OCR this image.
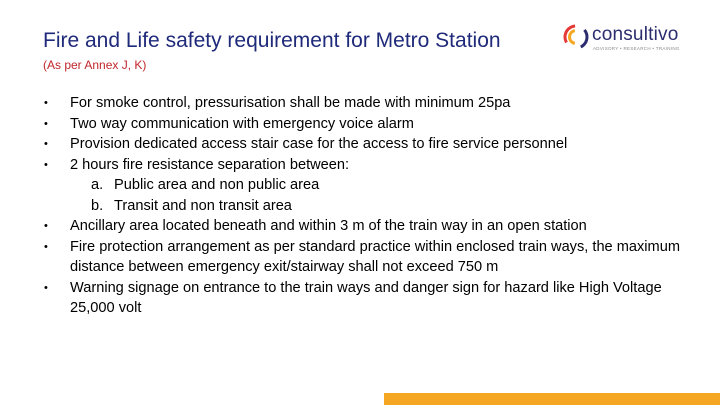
Fire and Life safety requirement for Metro Station
(As per Annex J, K)
consultivo
ADVISORY • RESEARCH • TRAINING

•	For smoke control, pressurisation shall be made with minimum 25pa

•	Two way communication with emergency voice alarm

•	Provision dedicated access stair case for the access to fire service personnel

•	2 hours fire resistance separation between:

a. Public area and non public area

b. Transit and non transit area

•	Ancillary area located beneath and within 3 m of the train way in an open station

•	Fire protection arrangement as per standard practice within enclosed train ways, the maximum distance between emergency exit/stairway shall not exceed 750 m

•	Warning signage on entrance to the train ways and danger sign for hazard like High Voltage 25,000 volt
